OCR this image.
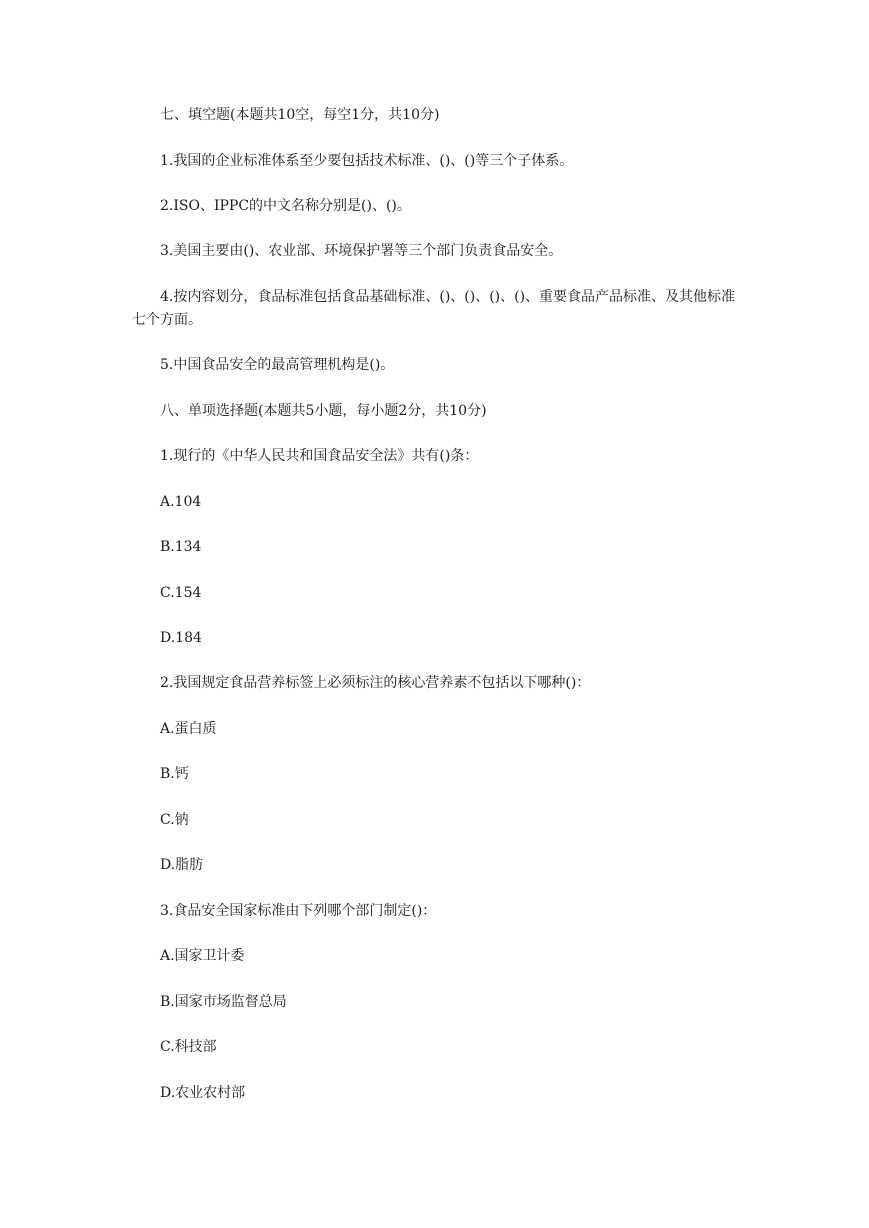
七、填空题(本题共10空，每空1分，共10分)

1.我国的企业标准体系至少要包括技术标准、()、()等三个子体系。

2.ISO、IPPC的中文名称分别是()、()。

3.美国主要由()、农业部、环境保护署等三个部门负责食品安全。

4.按内容划分，食品标准包括食品基础标准、()、()、()、()、重要食品产品标准、及其他标准七个方面。

5.中国食品安全的最高管理机构是()。

八、单项选择题(本题共5小题，每小题2分，共10分)

1.现行的《中华人民共和国食品安全法》共有()条：

A.104

B.134

C.154

D.184

2.我国规定食品营养标签上必须标注的核心营养素不包括以下哪种()：

A.蛋白质

B.钙

C.钠

D.脂肪

3.食品安全国家标准由下列哪个部门制定()：

A.国家卫计委

B.国家市场监督总局

C.科技部

D.农业农村部
